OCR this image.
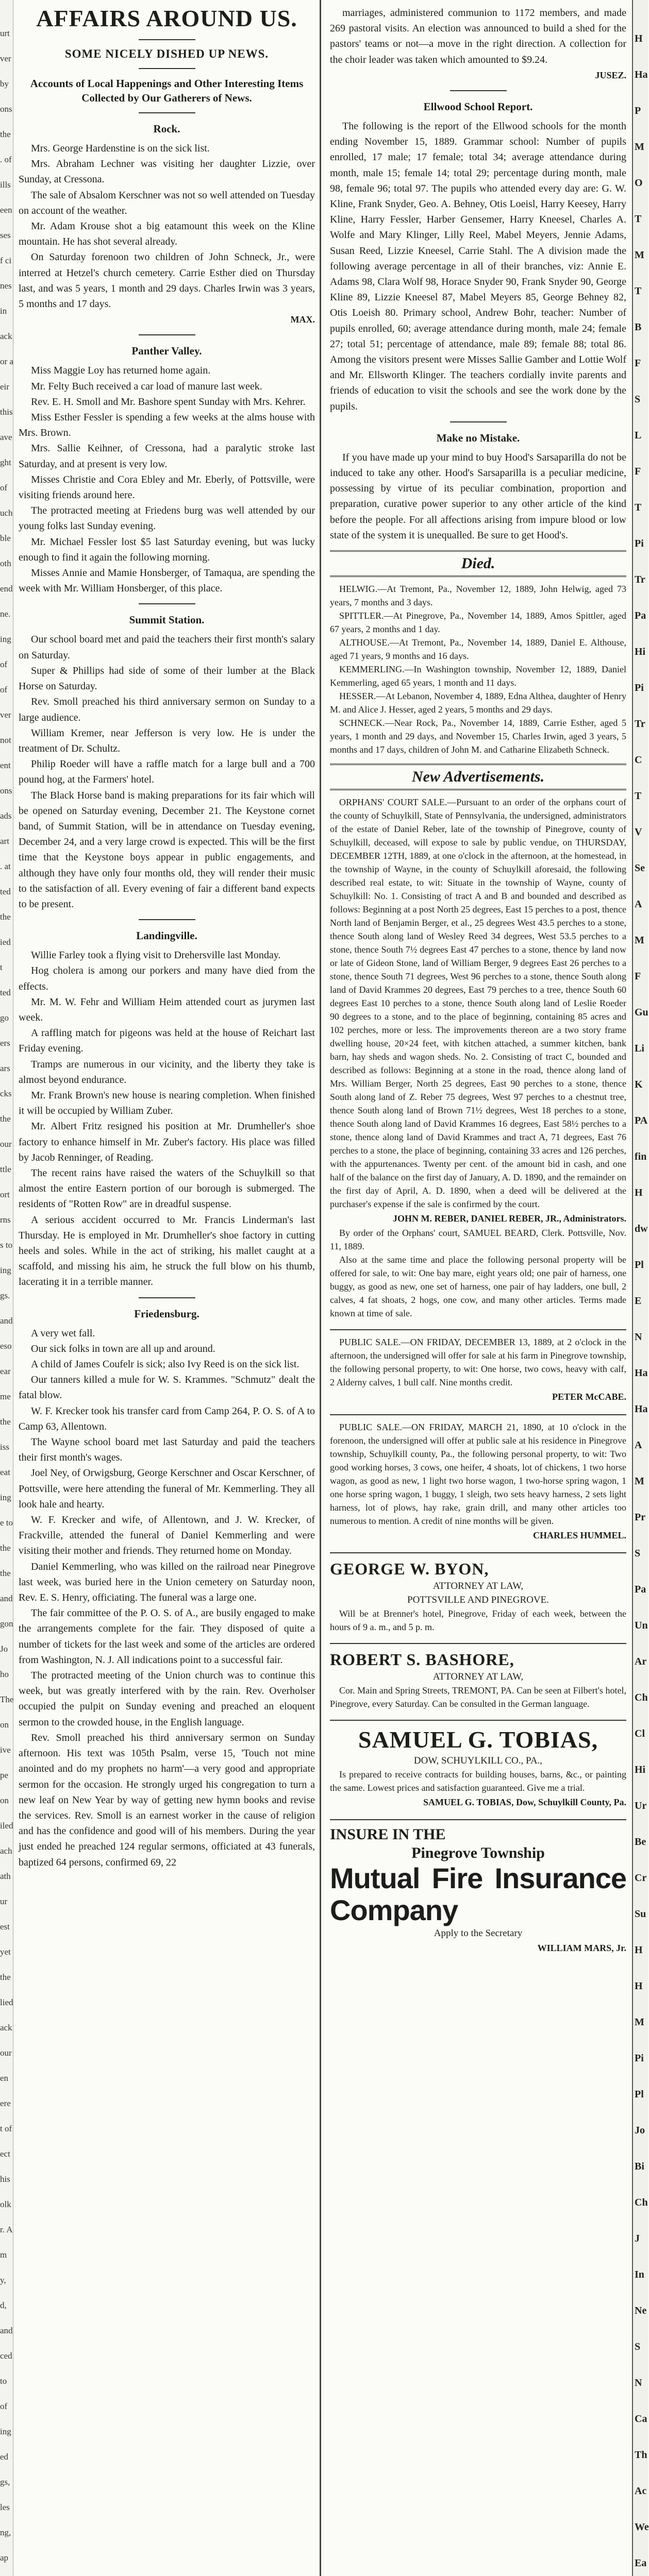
urt
ver
by
ons
the
. of
ills
een
ses
f ci
nes
in
ack
or a
eir
this
ave
ght
of
uch
ble
oth
end
ne.
ing
of
of
ver
not
ent
ons
ads
art
. at
ted
the
ied
t
ted
go
ers
ars
cks
the
our
ttle
ort
rns
s to
ing
gs.
and
eso
ear
me
the
iss
eat
ing
e to
the
the
and
gon
Jo
ho
The
on
ive
pe
on
iled
ach
ath
ur
est
yet
the
lied
ack
our
en
ere
t of
ect
his
olk
r. A
m
y,
d,
and
ced
to
of
ing
ed
gs,
les
ng,
ap
AFFAIRS AROUND US.
SOME NICELY DISHED UP NEWS.
Accounts of Local Happenings and Other Interesting Items Collected by Our Gatherers of News.
Rock.

Mrs. George Hardenstine is on the sick list.

Mrs. Abraham Lechner was visiting her daughter Lizzie, over Sunday, at Cressona.

The sale of Absalom Kerschner was not so well attended on Tuesday on account of the weather.

Mr. Adam Krouse shot a big eatamount this week on the Kline mountain. He has shot several already.

On Saturday forenoon two children of John Schneck, Jr., were interred at Hetzel's church cemetery. Carrie Esther died on Thursday last, and was 5 years, 1 month and 29 days. Charles Irwin was 3 years, 5 months and 17 days.

MAX.

Panther Valley.

Miss Maggie Loy has returned home again.

Mr. Felty Buch received a car load of manure last week.

Rev. E. H. Smoll and Mr. Bashore spent Sunday with Mrs. Kehrer.

Miss Esther Fessler is spending a few weeks at the alms house with Mrs. Brown.

Mrs. Sallie Keihner, of Cressona, had a paralytic stroke last Saturday, and at present is very low.

Misses Christie and Cora Ebley and Mr. Eberly, of Pottsville, were visiting friends around here.

The protracted meeting at Friedens burg was well attended by our young folks last Sunday evening.

Mr. Michael Fessler lost $5 last Saturday evening, but was lucky enough to find it again the following morning.

Misses Annie and Mamie Honsberger, of Tamaqua, are spending the week with Mr. William Honsberger, of this place.

Summit Station.

Our school board met and paid the teachers their first month's salary on Saturday.

Super & Phillips had side of some of their lumber at the Black Horse on Saturday.

Rev. Smoll preached his third anniversary sermon on Sunday to a large audience.

William Kremer, near Jefferson is very low. He is under the treatment of Dr. Schultz.

Philip Roeder will have a raffle match for a large bull and a 700 pound hog, at the Farmers' hotel.

The Black Horse band is making preparations for its fair which will be opened on Saturday evening, December 21. The Keystone cornet band, of Summit Station, will be in attendance on Tuesday evening, December 24, and a very large crowd is expected. This will be the first time that the Keystone boys appear in public engagements, and although they have only four months old, they will render their music to the satisfaction of all. Every evening of fair a different band expects to be present.

Landingville.

Willie Farley took a flying visit to Drehersville last Monday.

Hog cholera is among our porkers and many have died from the effects.

Mr. M. W. Fehr and William Heim attended court as jurymen last week.

A raffling match for pigeons was held at the house of Reichart last Friday evening.

Tramps are numerous in our vicinity, and the liberty they take is almost beyond endurance.

Mr. Frank Brown's new house is nearing completion. When finished it will be occupied by William Zuber.

Mr. Albert Fritz resigned his position at Mr. Drumheller's shoe factory to enhance himself in Mr. Zuber's factory. His place was filled by Jacob Renninger, of Reading.

The recent rains have raised the waters of the Schuylkill so that almost the entire Eastern portion of our borough is submerged. The residents of "Rotten Row" are in dreadful suspense.

A serious accident occurred to Mr. Francis Linderman's last Thursday. He is employed in Mr. Drumheller's shoe factory in cutting heels and soles. While in the act of striking, his mallet caught at a scaffold, and missing his aim, he struck the full blow on his thumb, lacerating it in a terrible manner.

Friedensburg.

A very wet fall.

Our sick folks in town are all up and around.

A child of James Coufelr is sick; also Ivy Reed is on the sick list.

Our tanners killed a mule for W. S. Krammes. "Schmutz" dealt the fatal blow.

W. F. Krecker took his transfer card from Camp 264, P. O. S. of A to Camp 63, Allentown.

The Wayne school board met last Saturday and paid the teachers their first month's wages.

Joel Ney, of Orwigsburg, George Kerschner and Oscar Kerschner, of Pottsville, were here attending the funeral of Mr. Kemmerling. They all look hale and hearty.

W. F. Krecker and wife, of Allentown, and J. W. Krecker, of Frackville, attended the funeral of Daniel Kemmerling and were visiting their mother and friends. They returned home on Monday.

Daniel Kemmerling, who was killed on the railroad near Pinegrove last week, was buried here in the Union cemetery on Saturday noon, Rev. E. S. Henry, officiating. The funeral was a large one.

The fair committee of the P. O. S. of A., are busily engaged to make the arrangements complete for the fair. They disposed of quite a number of tickets for the last week and some of the articles are ordered from Washington, N. J. All indications point to a successful fair.

The protracted meeting of the Union church was to continue this week, but was greatly interfered with by the rain. Rev. Overholser occupied the pulpit on Sunday evening and preached an eloquent sermon to the crowded house, in the English language.

Rev. Smoll preached his third anniversary sermon on Sunday afternoon. His text was 105th Psalm, verse 15, 'Touch not mine anointed and do my prophets no harm'—a very good and appropriate sermon for the occasion. He strongly urged his congregation to turn a new leaf on New Year by way of getting new hymn books and revise the services. Rev. Smoll is an earnest worker in the cause of religion and has the confidence and good will of his members. During the year just ended he preached 124 regular sermons, officiated at 43 funerals, baptized 64 persons, confirmed 69, 22

marriages, administered communion to 1172 members, and made 269 pastoral visits. An election was announced to build a shed for the pastors' teams or not—a move in the right direction. A collection for the choir leader was taken which amounted to $9.24.

JUSEZ.

Ellwood School Report.

The following is the report of the Ellwood schools for the month ending November 15, 1889. Grammar school: Number of pupils enrolled, 17 male; 17 female; total 34; average attendance during month, male 15; female 14; total 29; percentage during month, male 98, female 96; total 97. The pupils who attended every day are: G. W. Kline, Frank Snyder, Geo. A. Behney, Otis Loeisl, Harry Keesey, Harry Kline, Harry Fessler, Harber Gensemer, Harry Kneesel, Charles A. Wolfe and Mary Klinger, Lilly Reel, Mabel Meyers, Jennie Adams, Susan Reed, Lizzie Kneesel, Carrie Stahl. The A division made the following average percentage in all of their branches, viz: Annie E. Adams 98, Clara Wolf 98, Horace Snyder 90, Frank Snyder 90, George Kline 89, Lizzie Kneesel 87, Mabel Meyers 85, George Behney 82, Otis Loeish 80. Primary school, Andrew Bohr, teacher: Number of pupils enrolled, 60; average attendance during month, male 24; female 27; total 51; percentage of attendance, male 89; female 88; total 86. Among the visitors present were Misses Sallie Gamber and Lottie Wolf and Mr. Ellsworth Klinger. The teachers cordially invite parents and friends of education to visit the schools and see the work done by the pupils.

Make no Mistake.

If you have made up your mind to buy Hood's Sarsaparilla do not be induced to take any other. Hood's Sarsaparilla is a peculiar medicine, possessing by virtue of its peculiar combination, proportion and preparation, curative power superior to any other article of the kind before the people. For all affections arising from impure blood or low state of the system it is unequalled. Be sure to get Hood's.

Died.

HELWIG.—At Tremont, Pa., November 12, 1889, John Helwig, aged 73 years, 7 months and 3 days.

SPITTLER.—At Pinegrove, Pa., November 14, 1889, Amos Spittler, aged 67 years, 2 months and 1 day.

ALTHOUSE.—At Tremont, Pa., November 14, 1889, Daniel E. Althouse, aged 71 years, 9 months and 16 days.

KEMMERLING.—In Washington township, November 12, 1889, Daniel Kemmerling, aged 65 years, 1 month and 11 days.

HESSER.—At Lebanon, November 4, 1889, Edna Althea, daughter of Henry M. and Alice J. Hesser, aged 2 years, 5 months and 29 days.

SCHNECK.—Near Rock, Pa., November 14, 1889, Carrie Esther, aged 5 years, 1 month and 29 days, and November 15, Charles Irwin, aged 3 years, 5 months and 17 days, children of John M. and Catharine Elizabeth Schneck.

New Advertisements.

ORPHANS' COURT SALE.—Pursuant to an order of the orphans court of the county of Schuylkill, State of Pennsylvania, the undersigned, administrators of the estate of Daniel Reber, late of the township of Pinegrove, county of Schuylkill, deceased, will expose to sale by public vendue, on THURSDAY, DECEMBER 12TH, 1889, at one o'clock in the afternoon, at the homestead, in the township of Wayne, in the county of Schuylkill aforesaid, the following described real estate, to wit: Situate in the township of Wayne, county of Schuylkill: No. 1. Consisting of tract A and B and bounded and described as follows: Beginning at a post North 25 degrees, East 15 perches to a post, thence North land of Benjamin Berger, et al., 25 degrees West 43.5 perches to a stone, thence South along land of Wesley Reed 34 degrees, West 53.5 perches to a stone, thence South 7½ degrees East 47 perches to a stone, thence by land now or late of Gideon Stone, land of William Berger, 9 degrees East 26 perches to a stone, thence South 71 degrees, West 96 perches to a stone, thence South along land of David Krammes 20 degrees, East 79 perches to a tree, thence South 60 degrees East 10 perches to a stone, thence South along land of Leslie Roeder 90 degrees to a stone, and to the place of beginning, containing 85 acres and 102 perches, more or less. The improvements thereon are a two story frame dwelling house, 20×24 feet, with kitchen attached, a summer kitchen, bank barn, hay sheds and wagon sheds. No. 2. Consisting of tract C, bounded and described as follows: Beginning at a stone in the road, thence along land of Mrs. William Berger, North 25 degrees, East 90 perches to a stone, thence South along land of Z. Reber 75 degrees, West 97 perches to a chestnut tree, thence South along land of Brown 71½ degrees, West 18 perches to a stone, thence South along land of David Krammes 16 degrees, East 58½ perches to a stone, thence along land of David Krammes and tract A, 71 degrees, East 76 perches to a stone, the place of beginning, containing 33 acres and 126 perches, with the appurtenances. Twenty per cent. of the amount bid in cash, and one half of the balance on the first day of January, A. D. 1890, and the remainder on the first day of April, A. D. 1890, when a deed will be delivered at the purchaser's expense if the sale is confirmed by the court.

JOHN M. REBER, DANIEL REBER, JR., Administrators.

By order of the Orphans' court, SAMUEL BEARD, Clerk. Pottsville, Nov. 11, 1889.

Also at the same time and place the following personal property will be offered for sale, to wit: One bay mare, eight years old; one pair of harness, one buggy, as good as new, one set of harness, one pair of hay ladders, one bull, 2 calves, 4 fat shoats, 2 hogs, one cow, and many other articles. Terms made known at time of sale.

PUBLIC SALE.—ON FRIDAY, DECEMBER 13, 1889, at 2 o'clock in the afternoon, the undersigned will offer for sale at his farm in Pinegrove township, the following personal property, to wit: One horse, two cows, heavy with calf, 2 Alderny calves, 1 bull calf. Nine months credit.

PETER McCABE.

PUBLIC SALE.—ON FRIDAY, MARCH 21, 1890, at 10 o'clock in the forenoon, the undersigned will offer at public sale at his residence in Pinegrove township, Schuylkill county, Pa., the following personal property, to wit: Two good working horses, 3 cows, one heifer, 4 shoats, lot of chickens, 1 two horse wagon, as good as new, 1 light two horse wagon, 1 two-horse spring wagon, 1 one horse spring wagon, 1 buggy, 1 sleigh, two sets heavy harness, 2 sets light harness, lot of plows, hay rake, grain drill, and many other articles too numerous to mention. A credit of nine months will be given.

CHARLES HUMMEL.

GEORGE W. BYON,

ATTORNEY AT LAW,

POTTSVILLE AND PINEGROVE.

Will be at Brenner's hotel, Pinegrove, Friday of each week, between the hours of 9 a. m., and 5 p. m.

ROBERT S. BASHORE,

ATTORNEY AT LAW,

Cor. Main and Spring Streets, TREMONT, PA. Can be seen at Filbert's hotel, Pinegrove, every Saturday. Can be consulted in the German language.

SAMUEL G. TOBIAS,

DOW, SCHUYLKILL CO., PA.,

Is prepared to receive contracts for building houses, barns, &c., or painting the same. Lowest prices and satisfaction guaranteed. Give me a trial.

SAMUEL G. TOBIAS, Dow, Schuylkill County, Pa.

INSURE IN THE

Pinegrove Township

Mutual Fire Insurance Company

Apply to the Secretary

WILLIAM MARS, Jr.

H
Ha
P
M
O
T
M
T
B
F
S
L
F
T
Pi
Tr
Pa
Hi
Pi
Tr
C
T
V
Se
A
M
F
Gu
Li
K
PA
fin
H
dw
Pl
E
N
Ha
Ha
A
M
Pr
S
Pa
Un
Ar
Ch
Cl
Hi
Ur
Be
Cr
Su
H
H
M
Pi
Pl
Jo
Bi
Ch
J
In
Ne
S
N
Ca
Th
Ac
We
Ea
